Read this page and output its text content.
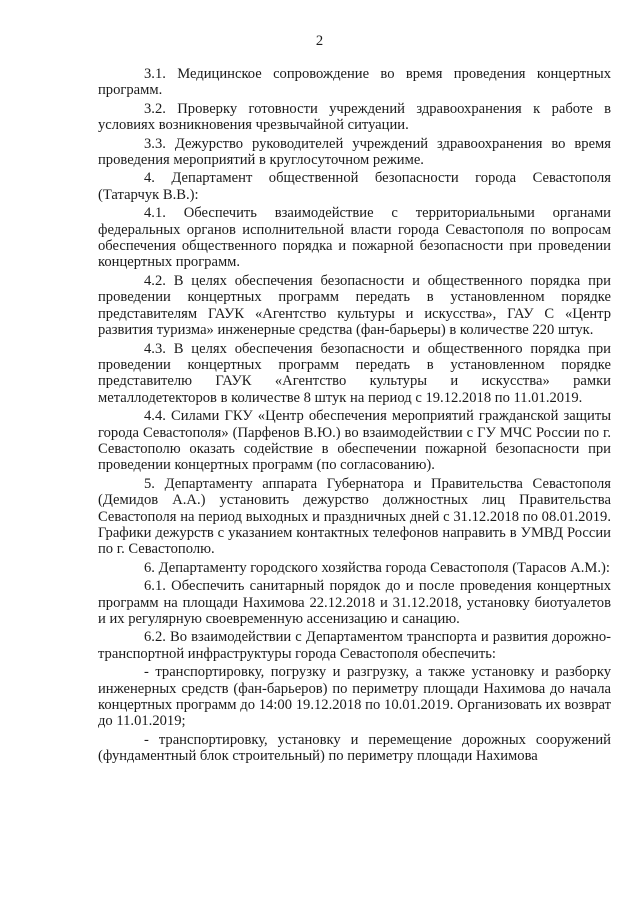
2

3.1. Медицинское сопровождение во время проведения концертных программ.

3.2. Проверку готовности учреждений здравоохранения к работе в условиях возникновения чрезвычайной ситуации.

3.3. Дежурство руководителей учреждений здравоохранения во время проведения мероприятий в круглосуточном режиме.

4. Департамент общественной безопасности города Севастополя (Татарчук В.В.):

4.1. Обеспечить взаимодействие с территориальными органами федеральных органов исполнительной власти города Севастополя по вопросам обеспечения общественного порядка и пожарной безопасности при проведении концертных программ.

4.2. В целях обеспечения безопасности и общественного порядка при проведении концертных программ передать в установленном порядке представителям ГАУК «Агентство культуры и искусства», ГАУ С «Центр развития туризма» инженерные средства (фан-барьеры) в количестве 220 штук.

4.3. В целях обеспечения безопасности и общественного порядка при проведении концертных программ передать в установленном порядке представителю ГАУК «Агентство культуры и искусства» рамки металлодетекторов в количестве 8 штук на период с 19.12.2018 по 11.01.2019.

4.4. Силами ГКУ «Центр обеспечения мероприятий гражданской защиты города Севастополя» (Парфенов В.Ю.) во взаимодействии с ГУ МЧС России по г. Севастополю оказать содействие в обеспечении пожарной безопасности при проведении концертных программ (по согласованию).

5. Департаменту аппарата Губернатора и Правительства Севастополя (Демидов А.А.) установить дежурство должностных лиц Правительства Севастополя на период выходных и праздничных дней с 31.12.2018 по 08.01.2019. Графики дежурств с указанием контактных телефонов направить в УМВД России по г. Севастополю.

6. Департаменту городского хозяйства города Севастополя (Тарасов А.М.):

6.1. Обеспечить санитарный порядок до и после проведения концертных программ на площади Нахимова 22.12.2018 и 31.12.2018, установку биотуалетов и их регулярную своевременную ассенизацию и санацию.

6.2. Во взаимодействии с Департаментом транспорта и развития дорожно-транспортной инфраструктуры города Севастополя обеспечить:

- транспортировку, погрузку и разгрузку, а также установку и разборку инженерных средств (фан-барьеров) по периметру площади Нахимова до начала концертных программ до 14:00 19.12.2018 по 10.01.2019. Организовать их возврат до 11.01.2019;

- транспортировку, установку и перемещение дорожных сооружений (фундаментный блок строительный) по периметру площади Нахимова
